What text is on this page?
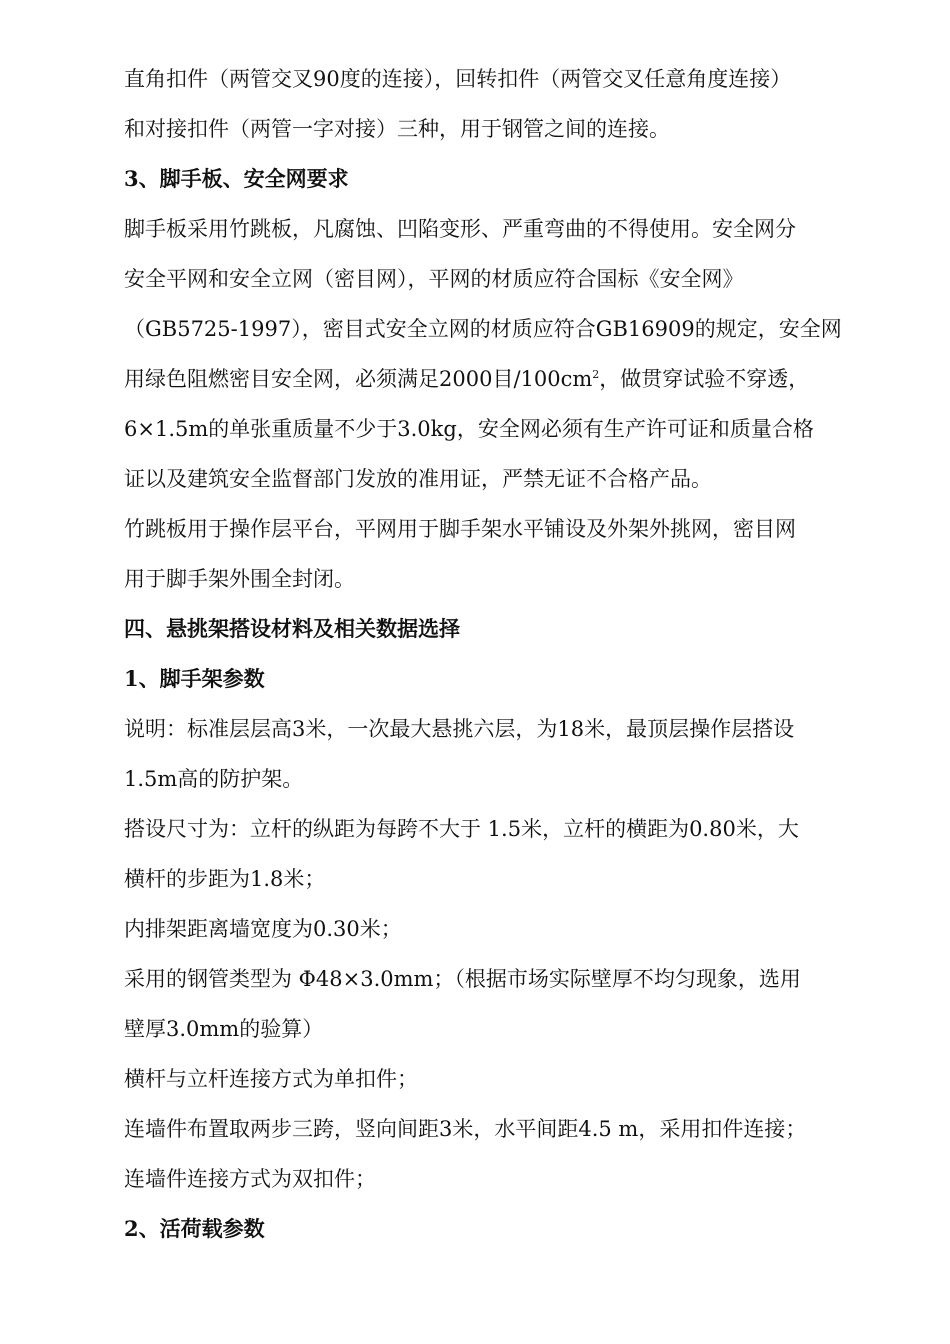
直角扣件（两管交叉90度的连接），回转扣件（两管交叉任意角度连接）
和对接扣件（两管一字对接）三种，用于钢管之间的连接。
3、脚手板、安全网要求
脚手板采用竹跳板，凡腐蚀、凹陷变形、严重弯曲的不得使用。安全网分
安全平网和安全立网（密目网），平网的材质应符合国标《安全网》
（GB5725-1997），密目式安全立网的材质应符合GB16909的规定，安全网
用绿色阻燃密目安全网，必须满足2000目$/100cm^2$，做贯穿试验不穿透，
6×1.5m的单张重质量不少于3.0kg，安全网必须有生产许可证和质量合格
证以及建筑安全监督部门发放的准用证，严禁无证不合格产品。
竹跳板用于操作层平台，平网用于脚手架水平铺设及外架外挑网，密目网
用于脚手架外围全封闭。
四、悬挑架搭设材料及相关数据选择
1、脚手架参数
说明：标准层层高3米，一次最大悬挑六层，为18米，最顶层操作层搭设
1.5m高的防护架。
搭设尺寸为：立杆的纵距为每跨不大于 1.5米，立杆的横距为0.80米，大
横杆的步距为1.8米；
内排架距离墙宽度为0.30米；
采用的钢管类型为 Φ48×3.0mm；（根据市场实际壁厚不均匀现象，选用
壁厚3.0mm的验算）
横杆与立杆连接方式为单扣件；
连墙件布置取两步三跨，竖向间距3米，水平间距4.5 m，采用扣件连接；
连墙件连接方式为双扣件；
2、活荷载参数
